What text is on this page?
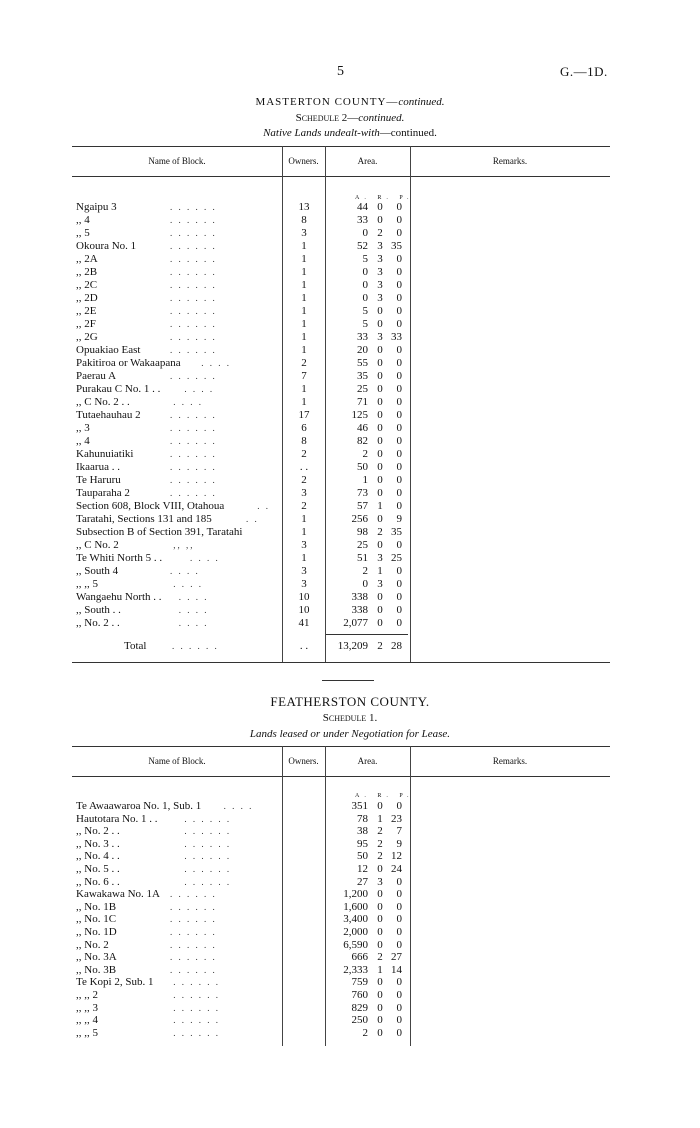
5	G.—1D.
MASTERTON COUNTY—continued.
Schedule 2—continued.
Native Lands undealt-with—continued.
Name of Block.	Owners.	Area.	Remarks.
A. R. P.
Ngaipu 3	. . . . . .	13	44 0	0
,, 4	. . . . . .	8	33 0	0
,, 5	. . . . . .	3	0 2	0
Okoura No. 1	. . . . . .	1	52 3 35
,, 2A	. . . . . .	1	5 3	0
,, 2B	. . . . . .	1	0 3	0
,, 2C	. . . . . .	1	0 3	0
,, 2D	. . . . . .	1	0 3	0
,, 2E	. . . . . .	1	5 0	0
,, 2F	. . . . . .	1	5 0	0
,, 2G	. . . . . .	1	33 3 33
Opuakiao East	. . . . . .	1	20 0	0
Pakitiroa or Wakaapana . . . .	2	55 0	0
Paerau A	. . . . . .	7	35 0	0
Purakau C No. 1 . .	. . . .	1	25 0	0
,, C No. 2 . .	. . . .	1	71 0	0
Tutaehauhau 2	. . . . . .	17	125 0	0
,, 3	. . . . . .	6	46 0	0
,, 4	. . . . . .	8	82 0	0
Kahunuiatiki	. . . . . .	2	2 0	0
Ikaarua . .	. . . . . .	. .	50 0	0
Te Haruru	. . . . . .	2	1 0	0
Tauparaha 2	. . . . . .	3	73 0	0
Section 608, Block VIII, Otahoua	. .	2	57 1	0
Taratahi, Sections 131 and 185	. .	1	256 0	9
Subsection B of Section 391, Taratahi	1	98 2 35
,, C No. 2	,, ,,	3	25 0	0
Te Whiti North 5 . .	. . . .	1	51 3 25
,, South 4	. . . .	3	2 1	0
,, ,, 5	. . . .	3	0 3	0
Wangaehu North . . . . . .	10	338 0	0
,, South . .	. . . .	10	338 0	0
,, No. 2 . .	. . . .	41	2,077 0	0
Total	. . . . . .	. .	13,209 2 28
FEATHERSTON COUNTY.
Schedule 1.
Lands leased or under Negotiation for Lease.
Name of Block.	Owners.	Area.	Remarks.
A. R. P.
Te Awaawaroa No. 1, Sub. 1 . . . .	351 0	0
Hautotara No. 1 . .	. . . . . .	78 1 23
,, No. 2 . .	. . . . . .	38 2	7
,, No. 3 . .	. . . . . .	95 2	9
,, No. 4 . .	. . . . . .	50 2 12
,, No. 5 . .	. . . . . .	12 0 24
,, No. 6 . .	. . . . . .	27 3	0
Kawakawa No. 1A . . . . . .	1,200 0	0
,, No. 1B	. . . . . .	1,600 0	0
,, No. 1C	. . . . . .	3,400 0	0
,, No. 1D	. . . . . .	2,000 0	0
,, No. 2	. . . . . .	6,590 0	0
,, No. 3A	. . . . . .	666 2 27
,, No. 3B	. . . . . .	2,333 1 14
Te Kopi 2, Sub. 1 . . . . . .	759 0	0
,, ,, 2	. . . . . .	760 0	0
,, ,, 3	. . . . . .	829 0	0
,, ,, 4	. . . . . .	250 0	0
,, ,, 5	. . . . . .	2 0	0
